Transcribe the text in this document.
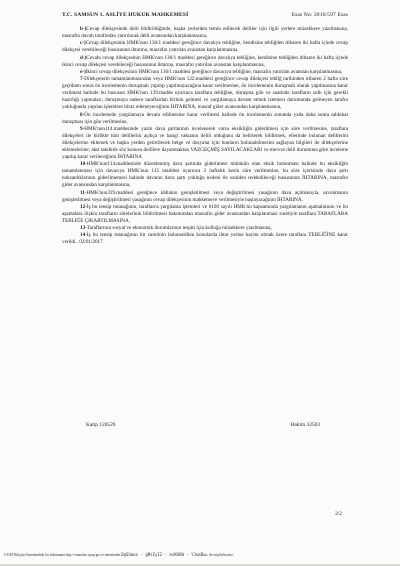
T.C. SAMSUN 1. ASLİYE HUKUK MAHKEMESİ	Esas No: 2016/597 Esas

b-)Cevap dilekçesinde delil bildirildiğinde, başka yerlerden temin edilecek deliller için ilgili yerlere müzekkere yazılmasına, masrafın davalı tarafından yatırılacak delil avansından karşılanmasına,

c-)Cevap dilekçesinin HMK'nun 136/1 maddesi gereğince davalıya tebliğine, kendisine tebliğden itibaren iki hafta içinde cevap dilekçesi verebileceği hususunun ihtarına, masrafın yatırılan avanstan karşılanmasına

d-)Cevabı cevap dilekçesinin HMK'nun 136/1 maddesi gereğince davalıya tebliğine, kendisine tebliğden itibaren iki hafta içinde ikinci cevap dilekçesi verebileceği hususunun ihtarına, masrafın yatırılan avanstan karşılanmasına,

e-)İkinci cevap dilekçesinin HMK'nun 136/1 maddesi gereğince davacıya tebliğine, masrafın yatırılan avanstan karşılanmasına,

7-Dilekçelerin tamamlanmasından veya HMK'nun 122.maddesi gereğince cevap dilekçesi tebliğ tarihinden itibaren 2 hafta süre geçtikten sonra ön incelemenin duruşmalı yapılıp yapılmayacağına karar verilmesine, ön incelemenin duruşmalı olarak yapılmasına karar verilmesi halinde bu hususun HMK'nun 139.madde uyarınca taraflara tebliğine, duruşma gün ve saatinde tarafların sulh için gerekli hazırlığı yapmaları, duruşmaya sadece taraflardan birinin gelmesi ve yargılamaya devam etmek istemesi durumunda gelmeyen tarafın yokluğunda yapılan işlemlere itiraz edemeyeceğinin İHTARINA, masraf gider avansından karşılanmasına,

8-Ön incelemede yargılamaya devam edilmesine karar verilmesi halinde ön incelemenin sonunda yada daha sonra tahkikat duruşması için gün verilmesine,

9-HMK'nun114.maddesinde yazılı dava şartlarının incelenerek varsa eksikliğin giderilmesi için süre verilmesine, taraflara dilekçeleri ile birlikte tüm delillerini açıkça ve hangi vakıanın delili olduğunu da belirterek bildirmek, ellerinde bulunan delillerini dilekçelerine eklemek ve başka yerden getirtilecek belge ve dosyalar için bunların bulunabilmesini sağlayan bilgileri de dilekçelerine eklemelerine; aksi takdirde söz konusu delillere dayanmaktan VAZGEÇMİŞ SAYILACAKLARI ve mevcut delil durumuna göre inceleme yapılıp karar verileceğinin İHTARINA

10-HMK'nun114.maddesinde düzenlenmiş dava şartında gideriimesi mümkün olan eksik bulunması halinde bu eksikliğin tamamlanması için davacıya HMK'nun 115 maddesi uyarınca 2 haftalık kesin süre verilmesine, bu süre içerisinde dava şartı noksanlıklarının giderilmemesi halinde davanın dava şartı yokluğu nedeni ile usulden reddedileceği hususunun İHTARINA, masrafın gider avansından karşılanmasına,

11-HMK'nun319.maddesi gereğince iddianın genişletilmesi veya değiştirilmesi yasağının dava açılmasıyla, savunmanın genişletilmesi veya değiştirilmesi yasağının cevap dilekçesinin mahkemeye verilmesiyle başlayacağının İHTARINA,

12-İş bu tensip tutanağının, taraflarca yargılama işlemleri ve 6100 sayılı HMK'nu kapsamında yargılamanın aşamalarının ve bu aşamalara ilişkin tarafların sürelerinin bildirilmesi bakımından masrafın gider avansından karşılanması suretiyle taraflara TARAFLARA TEBLİĞE ÇIKARTILMASINA,

13-Taraflarının sosyal ve ekonomik durumlarının tespiti için kolluğa müzekkere yazılmasına,

14-İş bu tensip tutanağının bir suretinin bulunsedilen konularda ihtar yerine kayim olmak üzere taraflara TEBLİĞİNE karar verildi.. 02/01/2017

Katip 126526	Hakim 32503
2/2
UYAP Bilişim Sistemindeki bu dokümana http://vatandas.uyap.gov.tr adresinden DqSGmox - gMsZy12 - ecKHXW - YJumDw= ile erişebilirsiniz.
